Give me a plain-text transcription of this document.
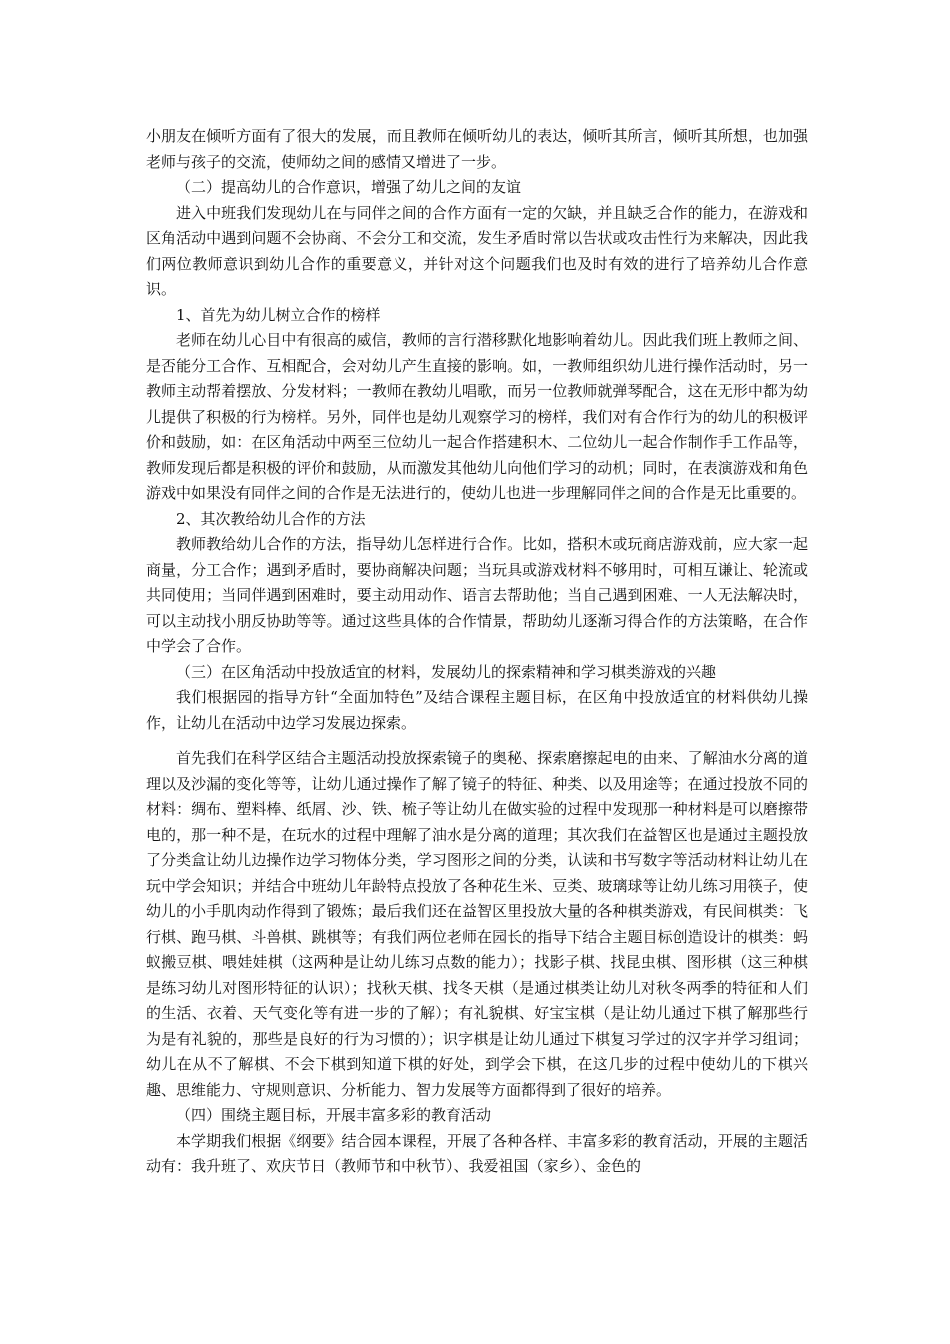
小朋友在倾听方面有了很大的发展，而且教师在倾听幼儿的表达，倾听其所言，倾听其所想，也加强老师与孩子的交流，使师幼之间的感情又增进了一步。

（二）提高幼儿的合作意识，增强了幼儿之间的友谊

进入中班我们发现幼儿在与同伴之间的合作方面有一定的欠缺，并且缺乏合作的能力，在游戏和区角活动中遇到问题不会协商、不会分工和交流，发生矛盾时常以告状或攻击性行为来解决，因此我们两位教师意识到幼儿合作的重要意义，并针对这个问题我们也及时有效的进行了培养幼儿合作意识。

1、首先为幼儿树立合作的榜样

老师在幼儿心目中有很高的威信，教师的言行潜移默化地影响着幼儿。因此我们班上教师之间、是否能分工合作、互相配合，会对幼儿产生直接的影响。如，一教师组织幼儿进行操作活动时，另一教师主动帮着摆放、分发材料；一教师在教幼儿唱歌，而另一位教师就弹琴配合，这在无形中都为幼儿提供了积极的行为榜样。另外，同伴也是幼儿观察学习的榜样，我们对有合作行为的幼儿的积极评价和鼓励，如：在区角活动中两至三位幼儿一起合作搭建积木、二位幼儿一起合作制作手工作品等，教师发现后都是积极的评价和鼓励，从而激发其他幼儿向他们学习的动机；同时，在表演游戏和角色游戏中如果没有同伴之间的合作是无法进行的，使幼儿也进一步理解同伴之间的合作是无比重要的。

2、其次教给幼儿合作的方法

教师教给幼儿合作的方法，指导幼儿怎样进行合作。比如，搭积木或玩商店游戏前，应大家一起商量，分工合作；遇到矛盾时，要协商解决问题；当玩具或游戏材料不够用时，可相互谦让、轮流或共同使用；当同伴遇到困难时，要主动用动作、语言去帮助他；当自己遇到困难、一人无法解决时，可以主动找小朋反协助等等。通过这些具体的合作情景，帮助幼儿逐渐习得合作的方法策略，在合作中学会了合作。

（三）在区角活动中投放适宜的材料，发展幼儿的探索精神和学习棋类游戏的兴趣

我们根据园的指导方针“全面加特色”及结合课程主题目标，在区角中投放适宜的材料供幼儿操作，让幼儿在活动中边学习发展边探索。

首先我们在科学区结合主题活动投放探索镜子的奥秘、探索磨擦起电的由来、了解油水分离的道理以及沙漏的变化等等，让幼儿通过操作了解了镜子的特征、种类、以及用途等；在通过投放不同的材料：绸布、塑料棒、纸屑、沙、铁、梳子等让幼儿在做实验的过程中发现那一种材料是可以磨擦带电的，那一种不是，在玩水的过程中理解了油水是分离的道理；其次我们在益智区也是通过主题投放了分类盒让幼儿边操作边学习物体分类，学习图形之间的分类，认读和书写数字等活动材料让幼儿在玩中学会知识；并结合中班幼儿年龄特点投放了各种花生米、豆类、玻璃球等让幼儿练习用筷子，使幼儿的小手肌肉动作得到了锻炼；最后我们还在益智区里投放大量的各种棋类游戏，有民间棋类：飞行棋、跑马棋、斗兽棋、跳棋等；有我们两位老师在园长的指导下结合主题目标创造设计的棋类：蚂蚁搬豆棋、喂娃娃棋（这两种是让幼儿练习点数的能力）；找影子棋、找昆虫棋、图形棋（这三种棋是练习幼儿对图形特征的认识）；找秋天棋、找冬天棋（是通过棋类让幼儿对秋冬两季的特征和人们的生活、衣着、天气变化等有进一步的了解）；有礼貌棋、好宝宝棋（是让幼儿通过下棋了解那些行为是有礼貌的，那些是良好的行为习惯的）；识字棋是让幼儿通过下棋复习学过的汉字并学习组词；幼儿在从不了解棋、不会下棋到知道下棋的好处，到学会下棋，在这几步的过程中使幼儿的下棋兴趣、思维能力、守规则意识、分析能力、智力发展等方面都得到了很好的培养。

（四）围绕主题目标，开展丰富多彩的教育活动

本学期我们根据《纲要》结合园本课程，开展了各种各样、丰富多彩的教育活动，开展的主题活动有：我升班了、欢庆节日（教师节和中秋节）、我爱祖国（家乡）、金色的
